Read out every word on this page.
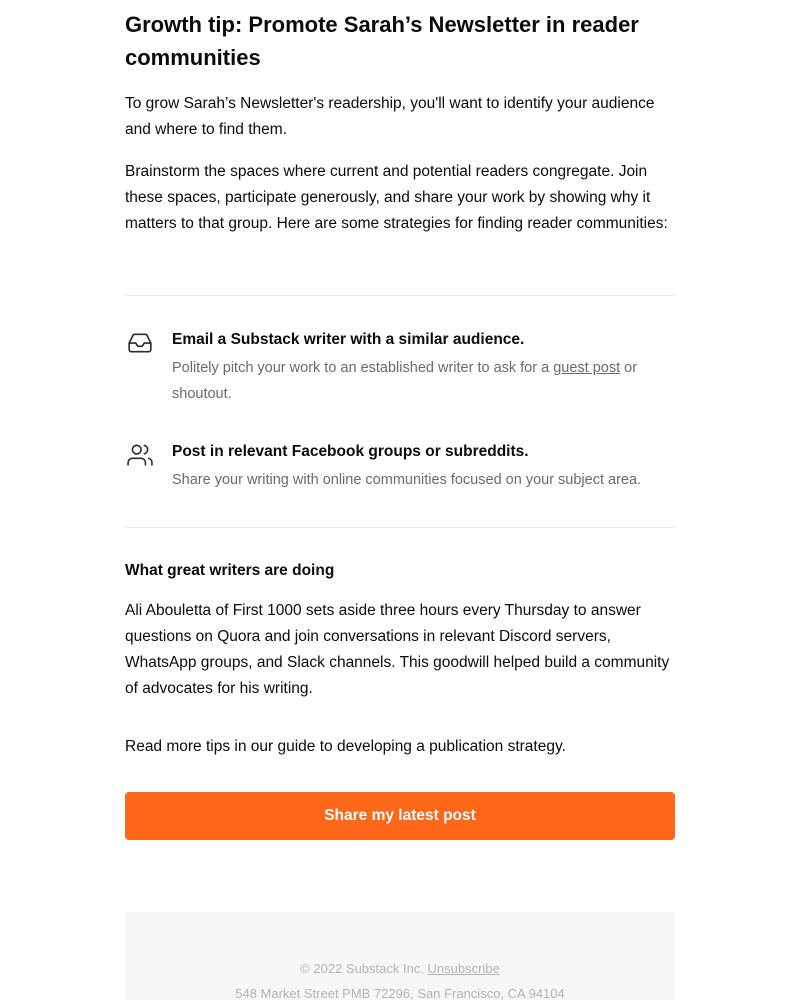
Growth tip: Promote Sarah’s Newsletter in reader communities

To grow Sarah’s Newsletter's readership, you'll want to identify your audience and where to find them.

Brainstorm the spaces where current and potential readers congregate. Join these spaces, participate generously, and share your work by showing why it matters to that group. Here are some strategies for finding reader communities:

Email a Substack writer with a similar audience.

Politely pitch your work to an established writer to ask for a guest post or shoutout.

Post in relevant Facebook groups or subreddits.

Share your writing with online communities focused on your subject area.

What great writers are doing

Ali Abouletta of First 1000 sets aside three hours every Thursday to answer questions on Quora and join conversations in relevant Discord servers, WhatsApp groups, and Slack channels. This goodwill helped build a community of advocates for his writing.

Read more tips in our guide to developing a publication strategy.

Share my latest post

© 2022 Substack Inc. Unsubscribe

548 Market Street PMB 72296, San Francisco, CA 94104
